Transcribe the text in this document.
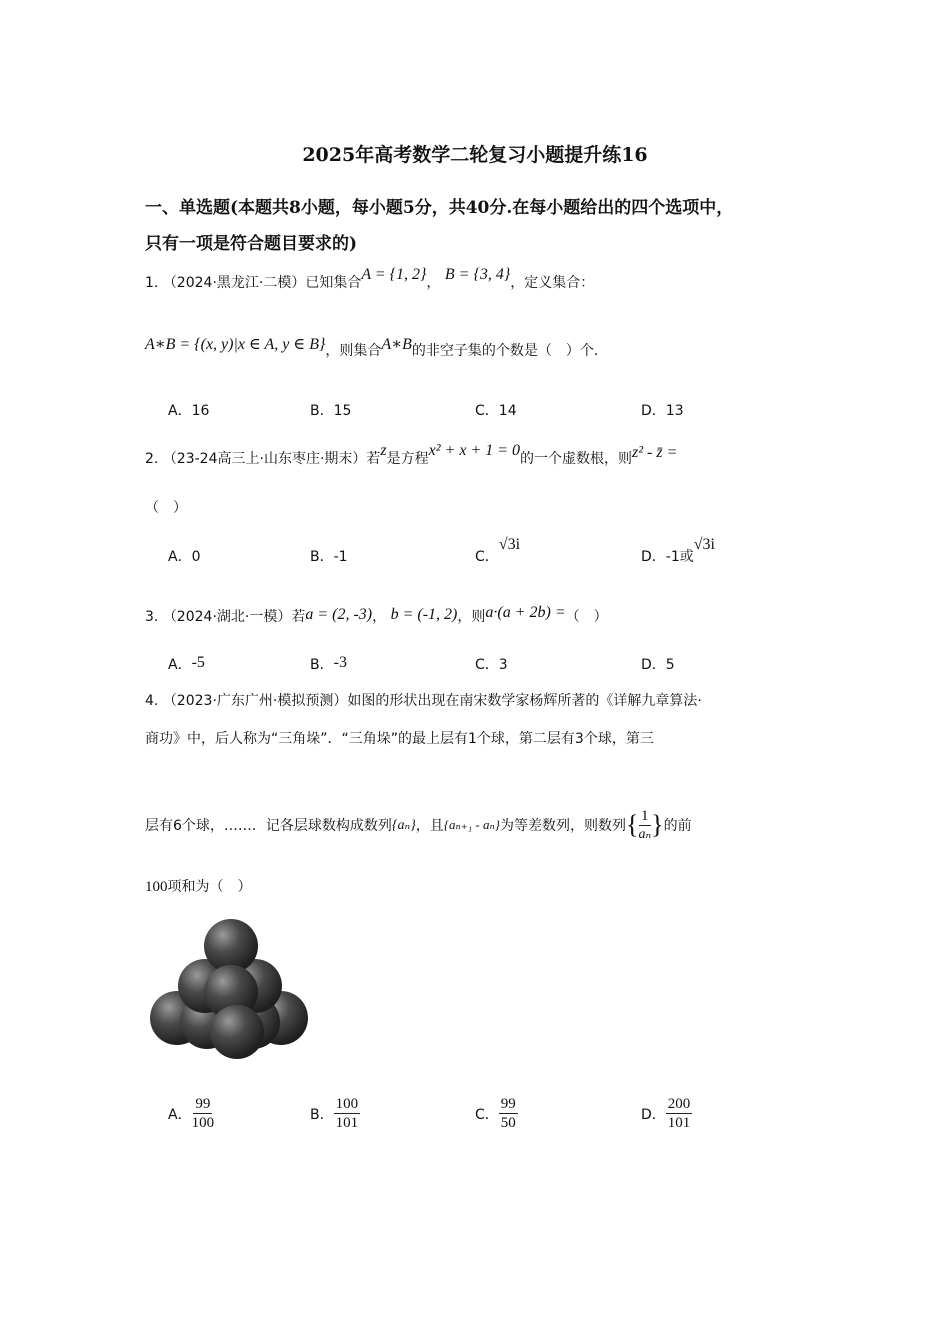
2025年高考数学二轮复习小题提升练16
一、单选题(本题共8小题，每小题5分，共40分.在每小题给出的四个选项中，
只有一项是符合题目要求的)
1. （2024·黑龙江·二模）已知集合A = {1, 2}， B = {3, 4}，定义集合：
A∗B = {(x, y)|x ∈ A, y ∈ B}，则集合A∗B的非空子集的个数是（　）个.
A．16	B．15	C．14	D．13
2. （23-24高三上·山东枣庄·期末）若z是方程x² + x + 1 = 0的一个虚数根，则z² - z̄ =
（　）
A．0	B．-1	C．√3i
D．-1或√3i
3. （2024·湖北·一模）若a = (2, -3)， b = (-1, 2)，则a·(a + 2b) =（　）
A．-5	B．-3	C．3	D．5
4. （2023·广东广州·模拟预测）如图的形状出现在南宋数学家杨辉所著的《详解九章算法·
商功》中，后人称为“三角垛”．“三角垛”的最上层有1个球，第二层有3个球，第三
层有6个球，……．记各层球数构成数列 {aₙ} ，且 {aₙ₊₁ - aₙ} 为等差数列，则数列 { $\frac{1}{\text{aₙ}}$ } 的前
100项和为（　）
A． $\frac{99}{100}$	B． $\frac{100}{101}$	C． $\frac{99}{50}$	D． $\frac{200}{101}$
